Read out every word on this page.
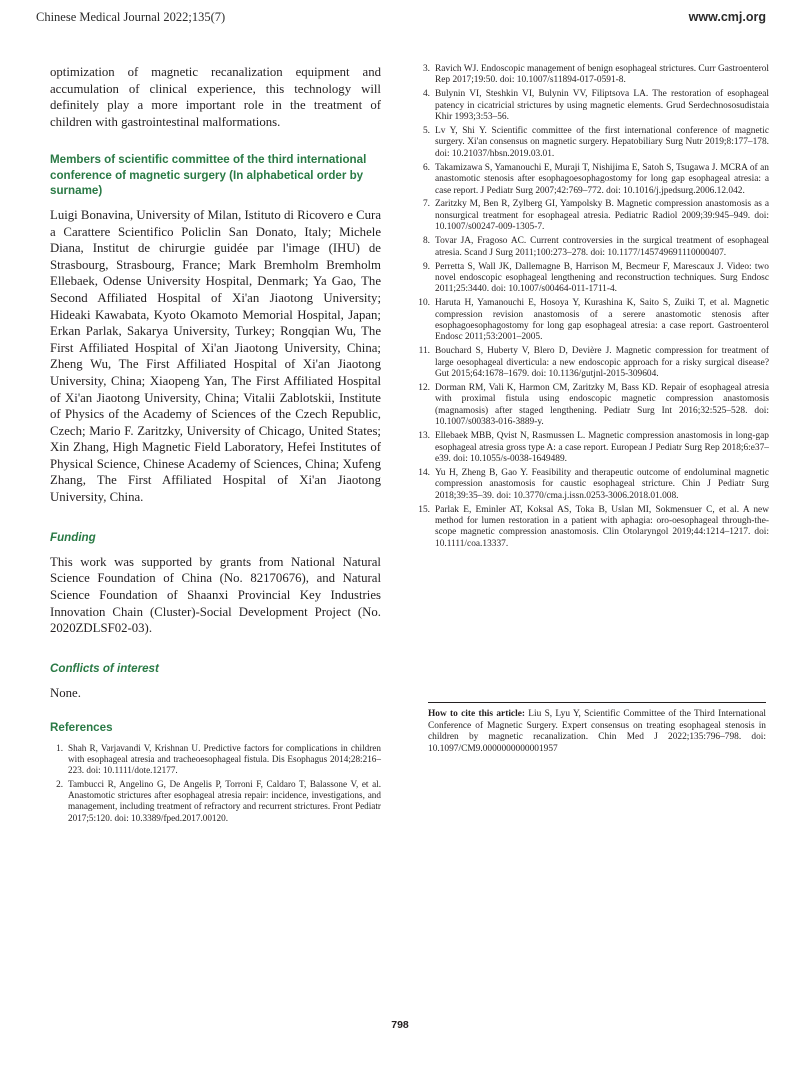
Chinese Medical Journal 2022;135(7)	www.cmj.org

optimization of magnetic recanalization equipment and accumulation of clinical experience, this technology will definitely play a more important role in the treatment of children with gastrointestinal malformations.

Members of scientific committee of the third international conference of magnetic surgery (In alphabetical order by surname)

Luigi Bonavina, University of Milan, Istituto di Ricovero e Cura a Carattere Scientifico Policlin San Donato, Italy; Michele Diana, Institut de chirurgie guidée par l'image (IHU) de Strasbourg, Strasbourg, France; Mark Bremholm Bremholm Ellebaek, Odense University Hospital, Denmark; Ya Gao, The Second Affiliated Hospital of Xi'an Jiaotong University; Hideaki Kawabata, Kyoto Okamoto Memorial Hospital, Japan; Erkan Parlak, Sakarya University, Turkey; Rongqian Wu, The First Affiliated Hospital of Xi'an Jiaotong University, China; Zheng Wu, The First Affiliated Hospital of Xi'an Jiaotong University, China; Xiaopeng Yan, The First Affiliated Hospital of Xi'an Jiaotong University, China; Vitalii Zablotskii, Institute of Physics of the Academy of Sciences of the Czech Republic, Czech; Mario F. Zaritzky, University of Chicago, United States; Xin Zhang, High Magnetic Field Laboratory, Hefei Institutes of Physical Science, Chinese Academy of Sciences, China; Xufeng Zhang, The First Affiliated Hospital of Xi'an Jiaotong University, China.

Funding

This work was supported by grants from National Natural Science Foundation of China (No. 82170676), and Natural Science Foundation of Shaanxi Provincial Key Industries Innovation Chain (Cluster)-Social Development Project (No. 2020ZDLSF02-03).

Conflicts of interest

None.

References
1. Shah R, Varjavandi V, Krishnan U. Predictive factors for complications in children with esophageal atresia and tracheoesophageal fistula. Dis Esophagus 2014;28:216–223. doi: 10.1111/dote.12177.
2. Tambucci R, Angelino G, De Angelis P, Torroni F, Caldaro T, Balassone V, et al. Anastomotic strictures after esophageal atresia repair: incidence, investigations, and management, including treatment of refractory and recurrent strictures. Front Pediatr 2017;5:120. doi: 10.3389/fped.2017.00120.
3. Ravich WJ. Endoscopic management of benign esophageal strictures. Curr Gastroenterol Rep 2017;19:50. doi: 10.1007/s11894-017-0591-8.
4. Bulynin VI, Steshkin VI, Bulynin VV, Filiptsova LA. The restoration of esophageal patency in cicatricial strictures by using magnetic elements. Grud Serdechnososudistaia Khir 1993;3:53–56.
5. Lv Y, Shi Y. Scientific committee of the first international conference of magnetic surgery. Xi'an consensus on magnetic surgery. Hepatobiliary Surg Nutr 2019;8:177–178. doi: 10.21037/hbsn.2019.03.01.
6. Takamizawa S, Yamanouchi E, Muraji T, Nishijima E, Satoh S, Tsugawa J. MCRA of an anastomotic stenosis after esophagoesophagostomy for long gap esophageal atresia: a case report. J Pediatr Surg 2007;42:769–772. doi: 10.1016/j.jpedsurg.2006.12.042.
7. Zaritzky M, Ben R, Zylberg GI, Yampolsky B. Magnetic compression anastomosis as a nonsurgical treatment for esophageal atresia. Pediatric Radiol 2009;39:945–949. doi: 10.1007/s00247-009-1305-7.
8. Tovar JA, Fragoso AC. Current controversies in the surgical treatment of esophageal atresia. Scand J Surg 2011;100:273–278. doi: 10.1177/145749691110000407.
9. Perretta S, Wall JK, Dallemagne B, Harrison M, Becmeur F, Marescaux J. Video: two novel endoscopic esophageal lengthening and reconstruction techniques. Surg Endosc 2011;25:3440. doi: 10.1007/s00464-011-1711-4.
10. Haruta H, Yamanouchi E, Hosoya Y, Kurashina K, Saito S, Zuiki T, et al. Magnetic compression revision anastomosis of a serere anastomotic stenosis after esophagoesophagostomy for long gap esophageal atresia: a case report. Gastroenterol Endosc 2011;53:2001–2005.
11. Bouchard S, Huberty V, Blero D, Devière J. Magnetic compression for treatment of large oesophageal diverticula: a new endoscopic approach for a risky surgical disease? Gut 2015;64:1678–1679. doi: 10.1136/gutjnl-2015-309604.
12. Dorman RM, Vali K, Harmon CM, Zaritzky M, Bass KD. Repair of esophageal atresia with proximal fistula using endoscopic magnetic compression anastomosis (magnamosis) after staged lengthening. Pediatr Surg Int 2016;32:525–528. doi: 10.1007/s00383-016-3889-y.
13. Ellebaek MBB, Qvist N, Rasmussen L. Magnetic compression anastomosis in long-gap esophageal atresia gross type A: a case report. European J Pediatr Surg Rep 2018;6:e37–e39. doi: 10.1055/s-0038-1649489.
14. Yu H, Zheng B, Gao Y. Feasibility and therapeutic outcome of endoluminal magnetic compression anastomosis for caustic esophageal stricture. Chin J Pediatr Surg 2018;39:35–39. doi: 10.3770/cma.j.issn.0253-3006.2018.01.008.
15. Parlak E, Eminler AT, Koksal AS, Toka B, Uslan MI, Sokmensuer C, et al. A new method for lumen restoration in a patient with aphagia: oro-oesophageal through-the-scope magnetic compression anastomosis. Clin Otolaryngol 2019;44:1214–1217. doi: 10.1111/coa.13337.

How to cite this article: Liu S, Lyu Y, Scientific Committee of the Third International Conference of Magnetic Surgery. Expert consensus on treating esophageal stenosis in children by magnetic recanalization. Chin Med J 2022;135:796–798. doi: 10.1097/CM9.0000000000001957

798
